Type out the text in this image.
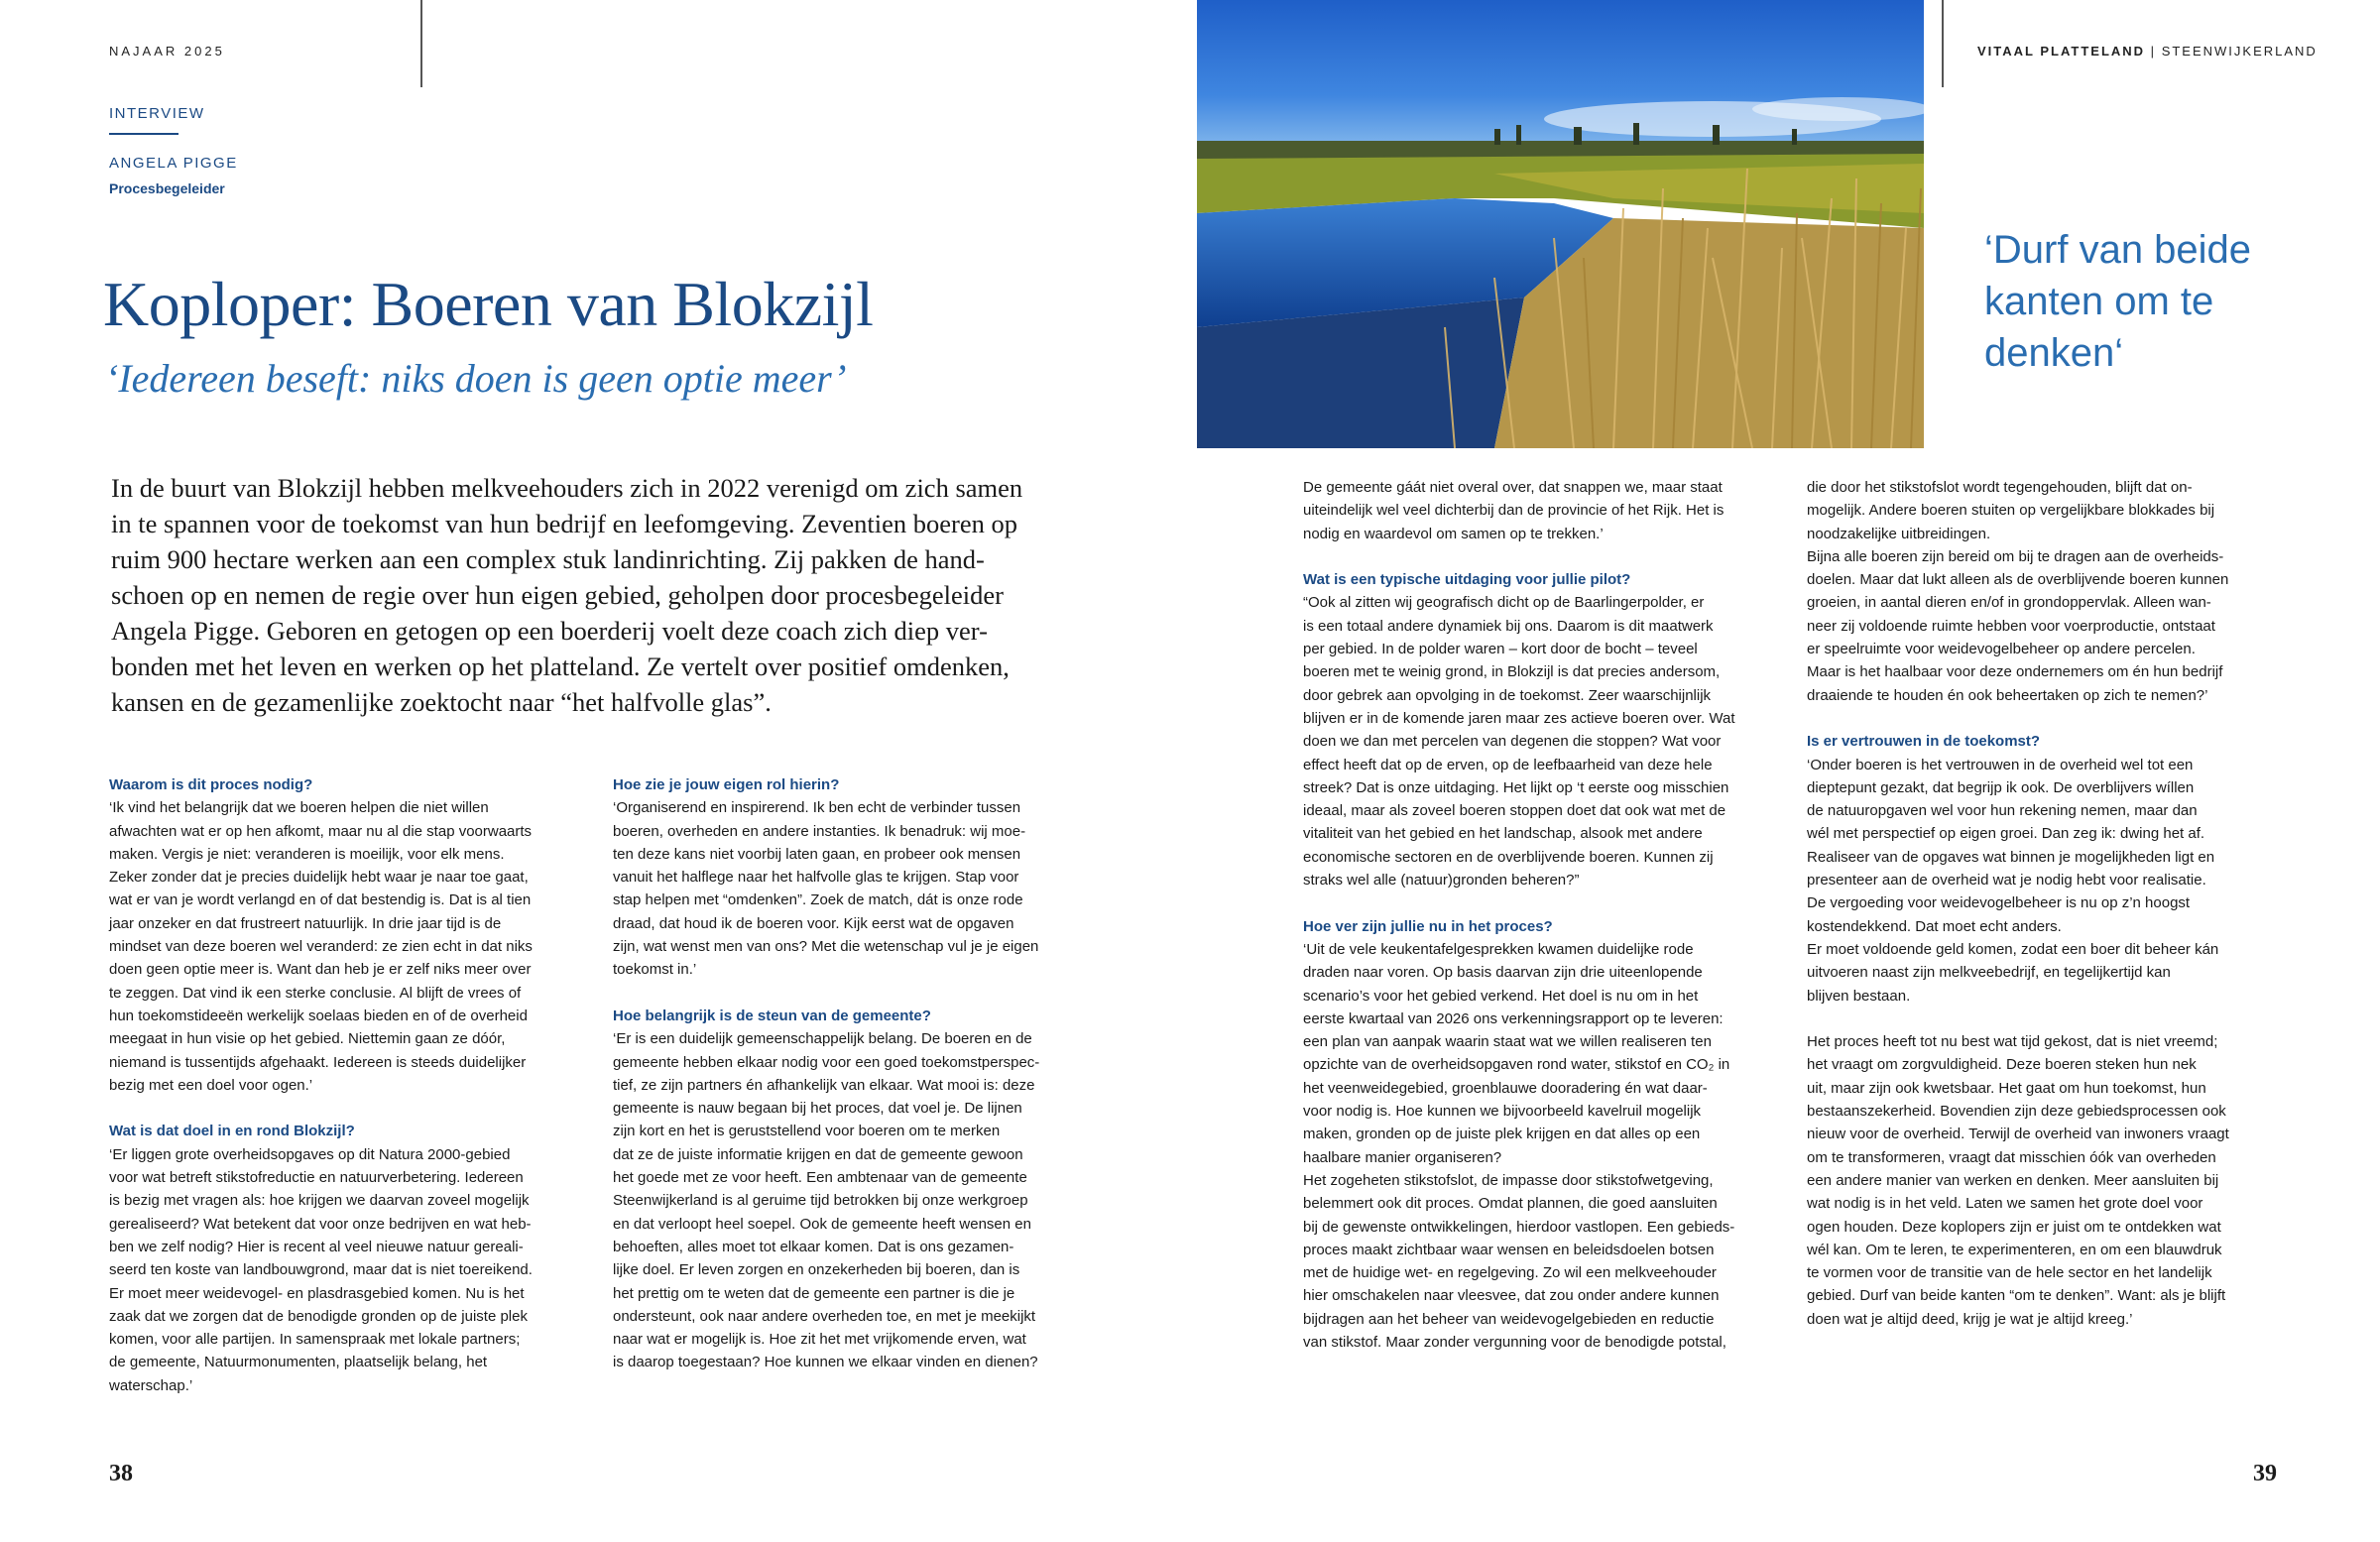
NAJAAR 2025	VITAAL PLATTELAND | STEENWIJKERLAND
INTERVIEW
ANGELA PIGGE
Procesbegeleider
Koploper: Boeren van Blokzijl
‘Iedereen beseft: niks doen is geen optie meer’
In de buurt van Blokzijl hebben melkveehouders zich in 2022 verenigd om zich samen
in te spannen voor de toekomst van hun bedrijf en leefomgeving. Zeventien boeren op
ruim 900 hectare werken aan een complex stuk landinrichting. Zij pakken de hand-
schoen op en nemen de regie over hun eigen gebied, geholpen door procesbegeleider
Angela Pigge. Geboren en getogen op een boerderij voelt deze coach zich diep ver-
bonden met het leven en werken op het platteland. Ze vertelt over positief omdenken,
kansen en de gezamenlijke zoektocht naar “het halfvolle glas”.
‘Durf van beide
kanten om te
denken‘
Waarom is dit proces nodig?
‘Ik vind het belangrijk dat we boeren helpen die niet willen
afwachten wat er op hen afkomt, maar nu al die stap voorwaarts
maken. Vergis je niet: veranderen is moeilijk, voor elk mens.
Zeker zonder dat je precies duidelijk hebt waar je naar toe gaat,
wat er van je wordt verlangd en of dat bestendig is. Dat is al tien
jaar onzeker en dat frustreert natuurlijk. In drie jaar tijd is de
mindset van deze boeren wel veranderd: ze zien echt in dat niks
doen geen optie meer is. Want dan heb je er zelf niks meer over
te zeggen. Dat vind ik een sterke conclusie. Al blijft de vrees of
hun toekomstideeën werkelijk soelaas bieden en of de overheid
meegaat in hun visie op het gebied. Niettemin gaan ze dóór,
niemand is tussentijds afgehaakt. Iedereen is steeds duidelijker
bezig met een doel voor ogen.’
Wat is dat doel in en rond Blokzijl?
‘Er liggen grote overheidsopgaves op dit Natura 2000-gebied
voor wat betreft stikstofreductie en natuurverbetering. Iedereen
is bezig met vragen als: hoe krijgen we daarvan zoveel mogelijk
gerealiseerd? Wat betekent dat voor onze bedrijven en wat heb-
ben we zelf nodig? Hier is recent al veel nieuwe natuur gereali-
seerd ten koste van landbouwgrond, maar dat is niet toereikend.
Er moet meer weidevogel- en plasdrasgebied komen. Nu is het
zaak dat we zorgen dat de benodigde gronden op de juiste plek
komen, voor alle partijen. In samenspraak met lokale partners;
de gemeente, Natuurmonumenten, plaatselijk belang, het
waterschap.’
Hoe zie je jouw eigen rol hierin?
‘Organiserend en inspirerend. Ik ben echt de verbinder tussen
boeren, overheden en andere instanties. Ik benadruk: wij moe-
ten deze kans niet voorbij laten gaan, en probeer ook mensen
vanuit het halflege naar het halfvolle glas te krijgen. Stap voor
stap helpen met “omdenken”. Zoek de match, dát is onze rode
draad, dat houd ik de boeren voor. Kijk eerst wat de opgaven
zijn, wat wenst men van ons? Met die wetenschap vul je je eigen
toekomst in.’
Hoe belangrijk is de steun van de gemeente?
‘Er is een duidelijk gemeenschappelijk belang. De boeren en de
gemeente hebben elkaar nodig voor een goed toekomstperspec-
tief, ze zijn partners én afhankelijk van elkaar. Wat mooi is: deze
gemeente is nauw begaan bij het proces, dat voel je. De lijnen
zijn kort en het is geruststellend voor boeren om te merken
dat ze de juiste informatie krijgen en dat de gemeente gewoon
het goede met ze voor heeft. Een ambtenaar van de gemeente
Steenwijkerland is al geruime tijd betrokken bij onze werkgroep
en dat verloopt heel soepel. Ook de gemeente heeft wensen en
behoeften, alles moet tot elkaar komen. Dat is ons gezamen-
lijke doel. Er leven zorgen en onzekerheden bij boeren, dan is
het prettig om te weten dat de gemeente een partner is die je
ondersteunt, ook naar andere overheden toe, en met je meekijkt
naar wat er mogelijk is. Hoe zit het met vrijkomende erven, wat
is daarop toegestaan? Hoe kunnen we elkaar vinden en dienen?
De gemeente gáát niet overal over, dat snappen we, maar staat
uiteindelijk wel veel dichterbij dan de provincie of het Rijk. Het is
nodig en waardevol om samen op te trekken.’
Wat is een typische uitdaging voor jullie pilot?
“Ook al zitten wij geografisch dicht op de Baarlingerpolder, er
is een totaal andere dynamiek bij ons. Daarom is dit maatwerk
per gebied. In de polder waren – kort door de bocht – teveel
boeren met te weinig grond, in Blokzijl is dat precies andersom,
door gebrek aan opvolging in de toekomst. Zeer waarschijnlijk
blijven er in de komende jaren maar zes actieve boeren over. Wat
doen we dan met percelen van degenen die stoppen? Wat voor
effect heeft dat op de erven, op de leefbaarheid van deze hele
streek? Dat is onze uitdaging. Het lijkt op ‘t eerste oog misschien
ideaal, maar als zoveel boeren stoppen doet dat ook wat met de
vitaliteit van het gebied en het landschap, alsook met andere
economische sectoren en de overblijvende boeren. Kunnen zij
straks wel alle (natuur)gronden beheren?”
Hoe ver zijn jullie nu in het proces?
‘Uit de vele keukentafelgesprekken kwamen duidelijke rode
draden naar voren. Op basis daarvan zijn drie uiteenlopende
scenario’s voor het gebied verkend. Het doel is nu om in het
eerste kwartaal van 2026 ons verkenningsrapport op te leveren:
een plan van aanpak waarin staat wat we willen realiseren ten
opzichte van de overheidsopgaven rond water, stikstof en CO₂ in
het veenweidegebied, groenblauwe dooradering én wat daar-
voor nodig is. Hoe kunnen we bijvoorbeeld kavelruil mogelijk
maken, gronden op de juiste plek krijgen en dat alles op een
haalbare manier organiseren?
Het zogeheten stikstofslot, de impasse door stikstofwetgeving,
belemmert ook dit proces. Omdat plannen, die goed aansluiten
bij de gewenste ontwikkelingen, hierdoor vastlopen. Een gebieds-
proces maakt zichtbaar waar wensen en beleidsdoelen botsen
met de huidige wet- en regelgeving. Zo wil een melkveehouder
hier omschakelen naar vleesvee, dat zou onder andere kunnen
bijdragen aan het beheer van weidevogelgebieden en reductie
van stikstof. Maar zonder vergunning voor de benodigde potstal,
die door het stikstofslot wordt tegengehouden, blijft dat on-
mogelijk. Andere boeren stuiten op vergelijkbare blokkades bij
noodzakelijke uitbreidingen.
Bijna alle boeren zijn bereid om bij te dragen aan de overheids-
doelen. Maar dat lukt alleen als de overblijvende boeren kunnen
groeien, in aantal dieren en/of in grondoppervlak. Alleen wan-
neer zij voldoende ruimte hebben voor voerproductie, ontstaat
er speelruimte voor weidevogelbeheer op andere percelen.
Maar is het haalbaar voor deze ondernemers om én hun bedrijf
draaiende te houden én ook beheertaken op zich te nemen?’
Is er vertrouwen in de toekomst?
‘Onder boeren is het vertrouwen in de overheid wel tot een
dieptepunt gezakt, dat begrijp ik ook. De overblijvers wíllen
de natuuropgaven wel voor hun rekening nemen, maar dan
wél met perspectief op eigen groei. Dan zeg ik: dwing het af.
Realiseer van de opgaves wat binnen je mogelijkheden ligt en
presenteer aan de overheid wat je nodig hebt voor realisatie.
De vergoeding voor weidevogelbeheer is nu op z’n hoogst
kostendekkend. Dat moet echt anders.
Er moet voldoende geld komen, zodat een boer dit beheer kán
uitvoeren naast zijn melkveebedrijf, en tegelijkertijd kan
blijven bestaan.
Het proces heeft tot nu best wat tijd gekost, dat is niet vreemd;
het vraagt om zorgvuldigheid. Deze boeren steken hun nek
uit, maar zijn ook kwetsbaar. Het gaat om hun toekomst, hun
bestaanszekerheid. Bovendien zijn deze gebiedsprocessen ook
nieuw voor de overheid. Terwijl de overheid van inwoners vraagt
om te transformeren, vraagt dat misschien óók van overheden
een andere manier van werken en denken. Meer aansluiten bij
wat nodig is in het veld. Laten we samen het grote doel voor
ogen houden. Deze koplopers zijn er juist om te ontdekken wat
wél kan. Om te leren, te experimenteren, en om een blauwdruk
te vormen voor de transitie van de hele sector en het landelijk
gebied. Durf van beide kanten “om te denken”. Want: als je blijft
doen wat je altijd deed, krijg je wat je altijd kreeg.’
38	39
